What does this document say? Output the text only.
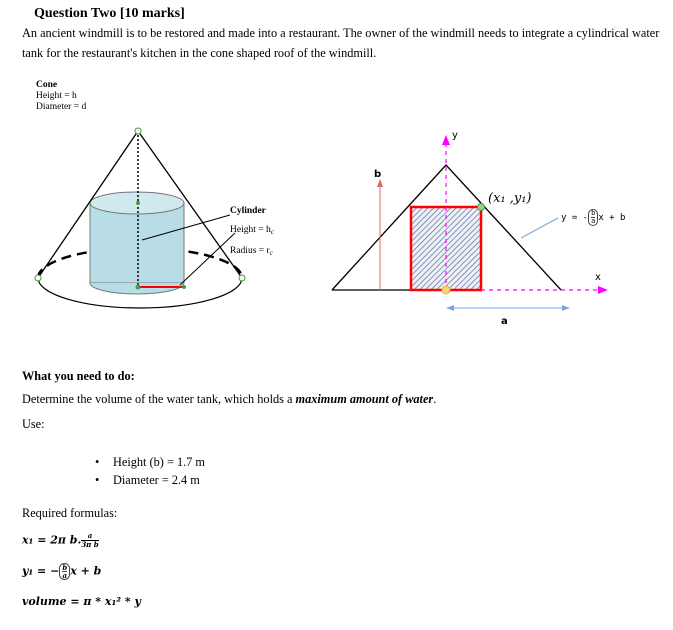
Question Two [10 marks]
An ancient windmill is to be restored and made into a restaurant. The owner of the windmill needs to integrate a cylindrical water tank for the restaurant's kitchen in the cone shaped roof of the windmill.
Cone
Height = h
Diameter = d
Cylinder
Height = $h_c$
Radius = $r_c$
y
x
b
a
(x₁ ,y₁)
y = - $\frac{b}{a}$ x + b
What you need to do:
Determine the volume of the water tank, which holds a maximum amount of water.
Use:
• Height (b) = 1.7 m
• Diameter = 2.4 m
Required formulas:
x₁ = 2π b. $\frac{a}{\text{3π b}}$
y₁ = − $\frac{b}{a}$ x + b
volume = π * x₁² * y
